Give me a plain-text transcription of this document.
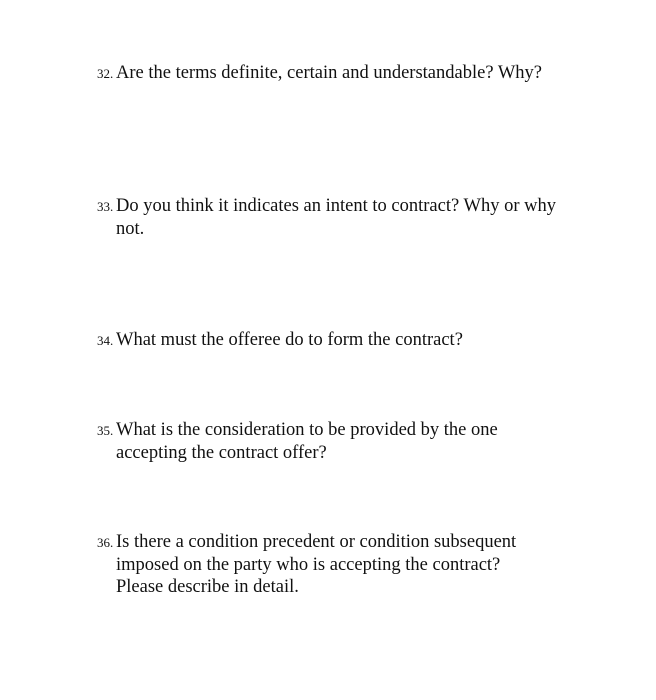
32. Are the terms definite, certain and understandable? Why?
33. Do you think it indicates an intent to contract? Why or why
not.
34. What must the offeree do to form the contract?
35. What is the consideration to be provided by the one
accepting the contract offer?
36. Is there a condition precedent or condition subsequent
imposed on the party who is accepting the contract?
Please describe in detail.
